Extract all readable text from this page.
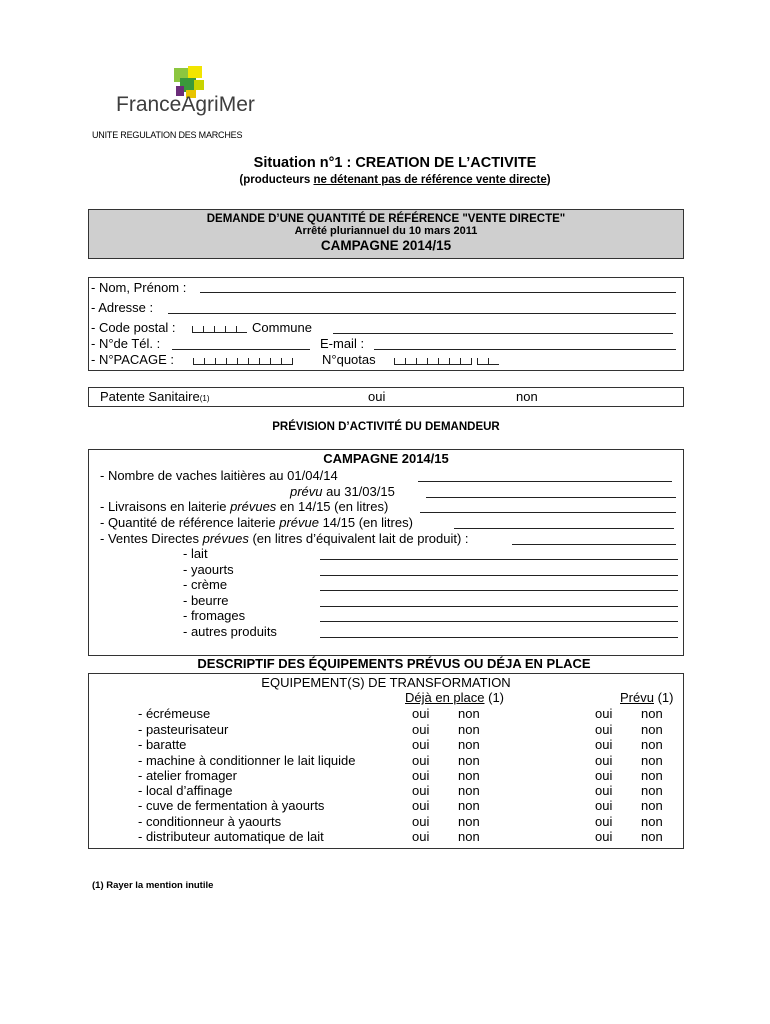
FranceAgriMer
UNITE REGULATION DES MARCHES
Situation n°1 : CREATION DE L’ACTIVITE
(producteurs ne détenant pas de référence vente directe)
DEMANDE D’UNE QUANTITÉ DE RÉFÉRENCE "VENTE DIRECTE"
Arrêté pluriannuel du 10 mars 2011
CAMPAGNE 2014/15
- Nom, Prénom :
- Adresse :
- Code postal :	Commune
- N°de Tél. :	E-mail :
- N°PACAGE :	N°quotas
Patente Sanitaire(1)	oui	non
PRÉVISION D’ACTIVITÉ DU DEMANDEUR
CAMPAGNE 2014/15
- Nombre de vaches laitières au 01/04/14
prévu au 31/03/15
- Livraisons en laiterie prévues en 14/15 (en litres)
- Quantité de référence laiterie prévue 14/15 (en litres)
- Ventes Directes prévues (en litres d’équivalent lait de produit) :
- lait
- yaourts
- crème
- beurre
- fromages
- autres produits
DESCRIPTIF DES ÉQUIPEMENTS PRÉVUS OU DÉJA EN PLACE
EQUIPEMENT(S) DE TRANSFORMATION
Déjà en place (1)	Prévu (1)
- écrémeuse	oui non	oui non
- pasteurisateur	oui non	oui non
- baratte	oui non	oui non
- machine à conditionner le lait liquide	oui non	oui non
- atelier fromager	oui non	oui non
- local d’affinage	oui non	oui non
- cuve de fermentation à yaourts	oui non	oui non
- conditionneur à yaourts	oui non	oui non
- distributeur automatique de lait	oui non	oui non
(1) Rayer la mention inutile
